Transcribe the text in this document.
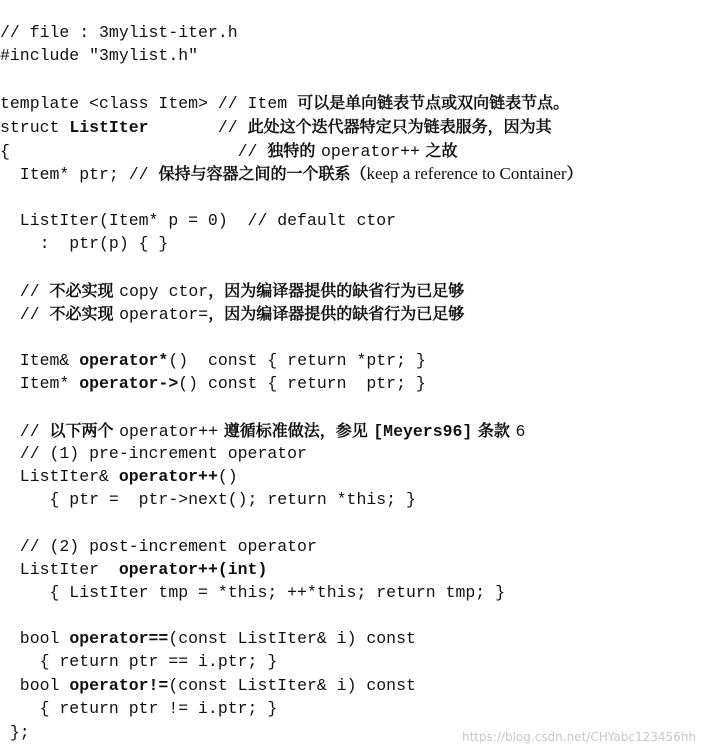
// file : 3mylist-iter.h
#include "3mylist.h"
template <class Item> // Item 可以是单向链表节点或双向链表节点。
struct ListIter       // 此处这个迭代器特定只为链表服务，因为其
{                       // 独特的 operator++ 之故
Item* ptr; // 保持与容器之间的一个联系（keep a reference to Container）
ListIter(Item* p = 0)  // default ctor
:  ptr(p) { }
// 不必实现 copy ctor，因为编译器提供的缺省行为已足够
// 不必实现 operator=，因为编译器提供的缺省行为已足够
Item& operator*()  const { return *ptr; }
Item* operator->() const { return  ptr; }
// 以下两个 operator++ 遵循标准做法，参见 [Meyers96] 条款 6
// (1) pre-increment operator
ListIter& operator++()
{ ptr =  ptr->next(); return *this; }
// (2) post-increment operator
ListIter  operator++(int)
{ ListIter tmp = *this; ++*this; return tmp; }
bool operator==(const ListIter& i) const
{ return ptr == i.ptr; }
bool operator!=(const ListIter& i) const
{ return ptr != i.ptr; }
};	https://blog.csdn.net/CHYabc123456hh
